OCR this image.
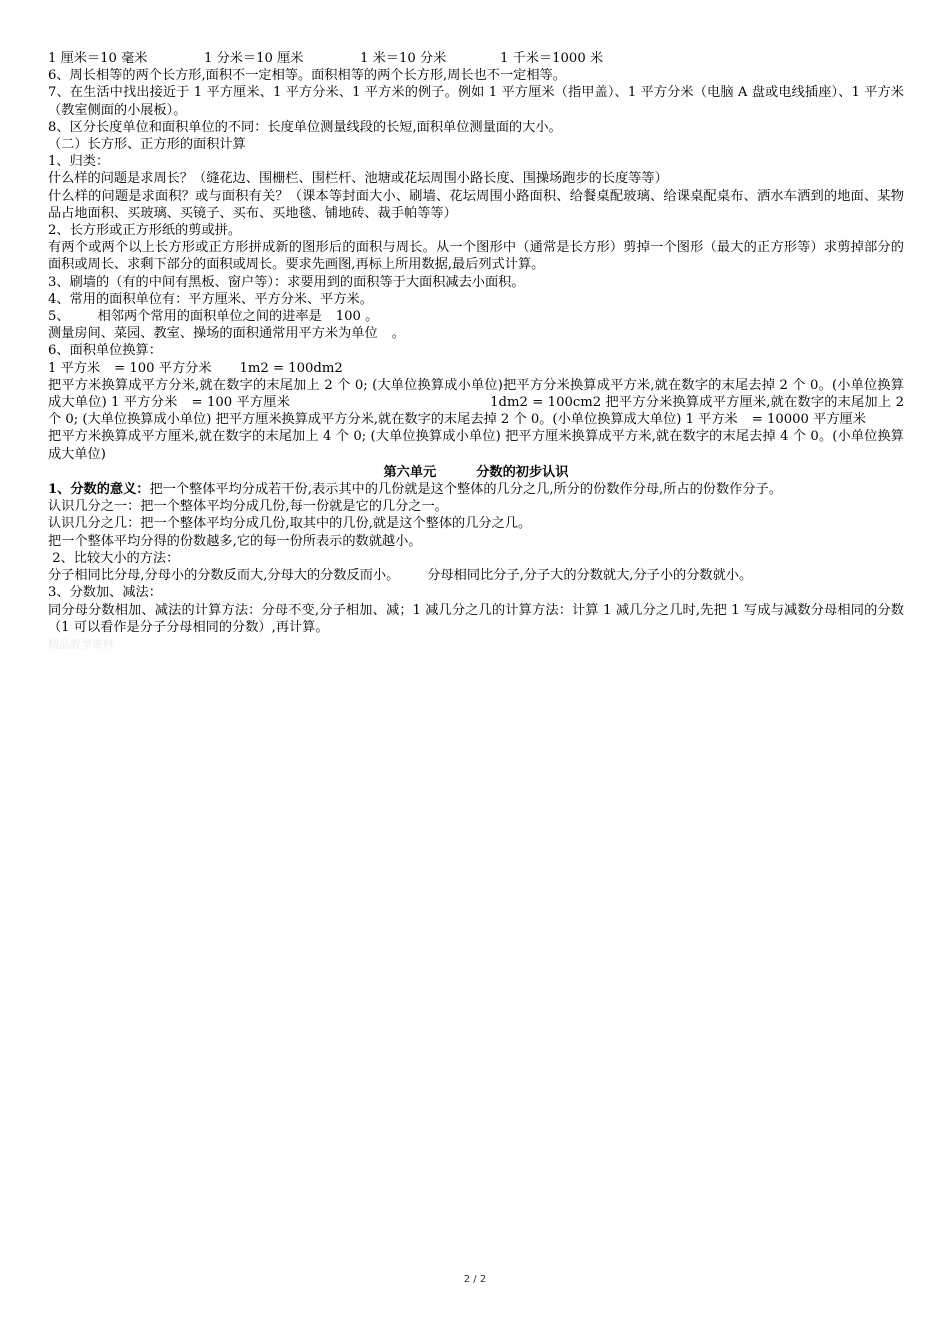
1 厘米＝10 毫米	1 分米＝10 厘米	1 米＝10 分米	1 千米＝1000 米
6、周长相等的两个长方形,面积不一定相等。面积相等的两个长方形,周长也不一定相等。
7、在生活中找出接近于 1 平方厘米、1 平方分米、1 平方米的例子。例如 1 平方厘米（指甲盖）、1 平方分米（电脑 A 盘或电线插座）、1 平方米（教室侧面的小展板）。
8、区分长度单位和面积单位的不同：长度单位测量线段的长短,面积单位测量面的大小。
（二）长方形、正方形的面积计算
1、归类：
什么样的问题是求周长？（缝花边、围栅栏、围栏杆、池塘或花坛周围小路长度、围操场跑步的长度等等）
什么样的问题是求面积？或与面积有关？（课本等封面大小、刷墙、花坛周围小路面积、给餐桌配玻璃、给课桌配桌布、洒水车洒到的地面、某物品占地面积、买玻璃、买镜子、买布、买地毯、铺地砖、裁手帕等等）
2、长方形或正方形纸的剪或拼。
有两个或两个以上长方形或正方形拼成新的图形后的面积与周长。从一个图形中（通常是长方形）剪掉一个图形（最大的正方形等）求剪掉部分的面积或周长、求剩下部分的面积或周长。要求先画图,再标上所用数据,最后列式计算。
3、刷墙的（有的中间有黑板、窗户等）：求要用到的面积等于大面积减去小面积。
4、常用的面积单位有：平方厘米、平方分米、平方米。
5、 相邻两个常用的面积单位之间的进率是 100 。
测量房间、菜园、教室、操场的面积通常用平方米为单位 。
6、面积单位换算：
1 平方米 = 100 平方分米 1m2 = 100dm2
把平方米换算成平方分米,就在数字的末尾加上 2 个 0; (大单位换算成小单位)把平方分米换算成平方米,就在数字的末尾去掉 2 个 0。(小单位换算成大单位) 1 平方分米 = 100 平方厘米	1dm2 = 100cm2 把平方分米换算成平方厘米,就在数字的末尾加上 2 个 0; (大单位换算成小单位) 把平方厘米换算成平方分米,就在数字的末尾去掉 2 个 0。(小单位换算成大单位) 1 平方米 = 10000 平方厘米
把平方米换算成平方厘米,就在数字的末尾加上 4 个 0; (大单位换算成小单位) 把平方厘米换算成平方米,就在数字的末尾去掉 4 个 0。(小单位换算成大单位)
第六单元	分数的初步认识
1、分数的意义：把一个整体平均分成若干份,表示其中的几份就是这个整体的几分之几,所分的份数作分母,所占的份数作分子。
认识几分之一：把一个整体平均分成几份,每一份就是它的几分之一。
认识几分之几：把一个整体平均分成几份,取其中的几份,就是这个整体的几分之几。
把一个整体平均分得的份数越多,它的每一份所表示的数就越小。
2、比较大小的方法：
分子相同比分母,分母小的分数反而大,分母大的分数反而小。 分母相同比分子,分子大的分数就大,分子小的分数就小。
3、分数加、减法：
同分母分数相加、减法的计算方法：分母不变,分子相加、减；1 减几分之几的计算方法：计算 1 减几分之几时,先把 1 写成与减数分母相同的分数（1 可以看作是分子分母相同的分数）,再计算。
精品教学资料
2 / 2
